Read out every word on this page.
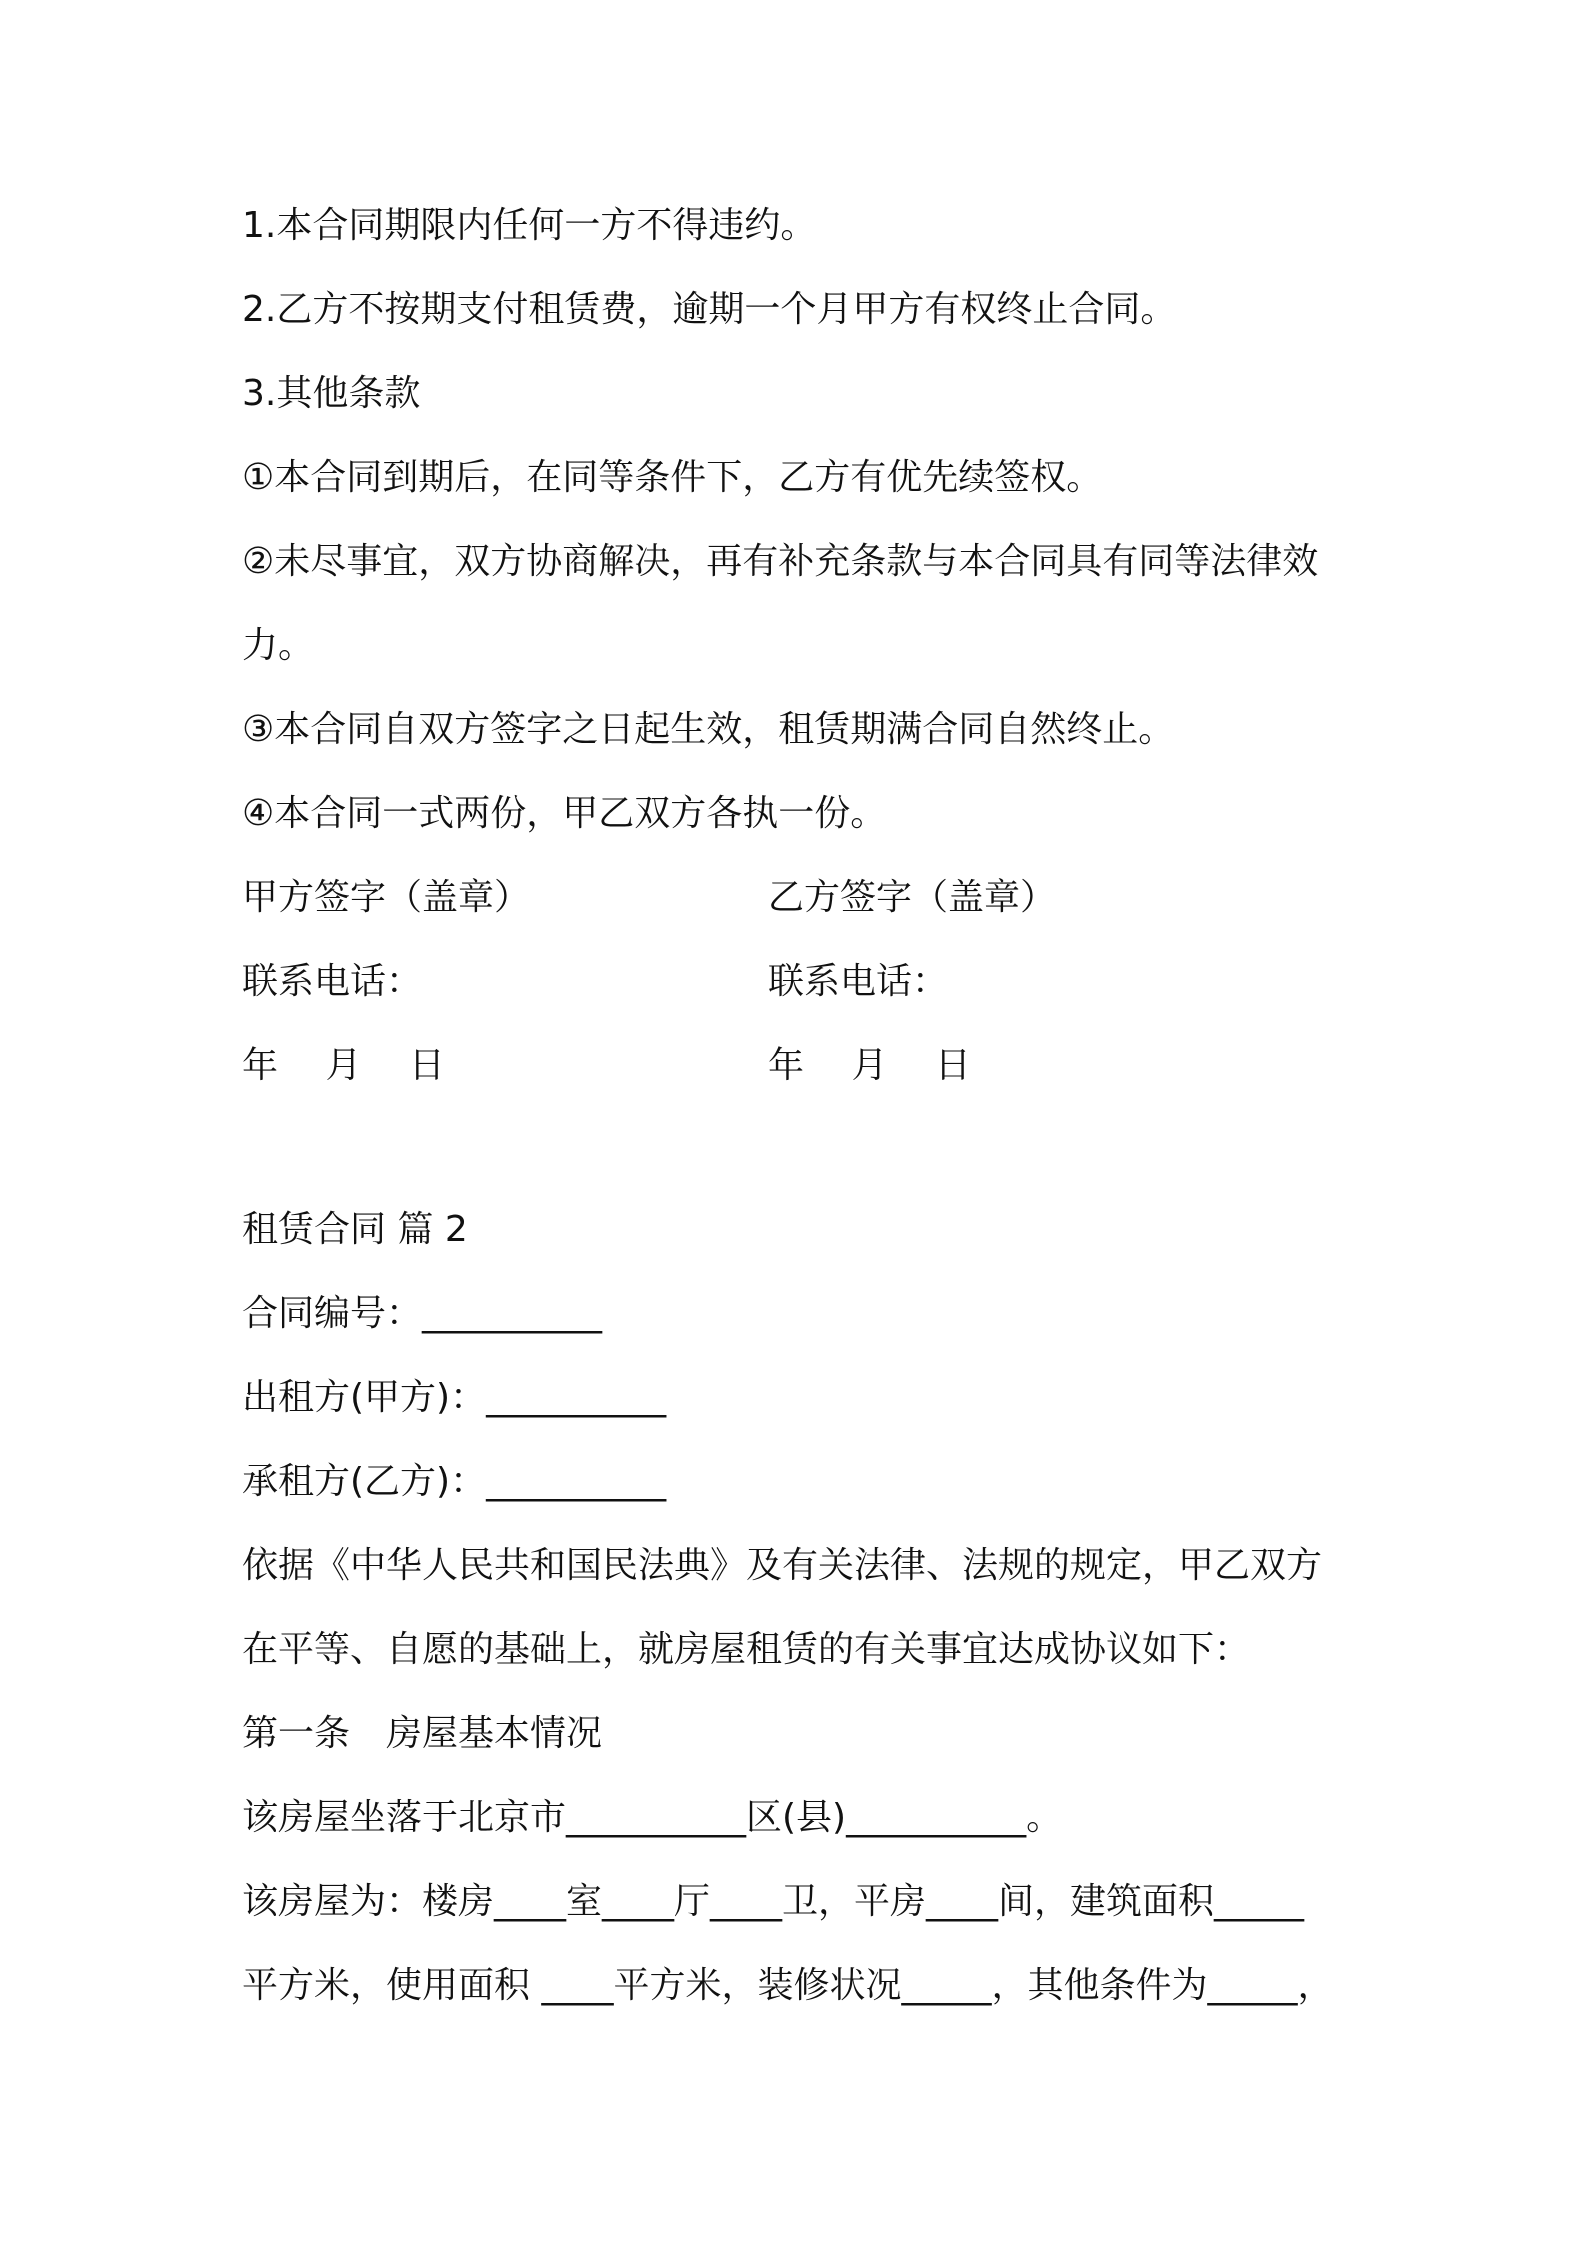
1.本合同期限内任何一方不得违约。
2.乙方不按期支付租赁费，逾期一个月甲方有权终止合同。
3.其他条款
①本合同到期后，在同等条件下，乙方有优先续签权。
②未尽事宜，双方协商解决，再有补充条款与本合同具有同等法律效
力。
③本合同自双方签字之日起生效，租赁期满合同自然终止。
④本合同一式两份，甲乙双方各执一份。
甲方签字（盖章）	乙方签字（盖章）
联系电话：	联系电话：
年　 月　 日	年　 月　 日
租赁合同 篇 2
合同编号：__________
出租方(甲方)：__________
承租方(乙方)：__________
依据《中华人民共和国民法典》及有关法律、法规的规定，甲乙双方
在平等、自愿的基础上，就房屋租赁的有关事宜达成协议如下：
第一条　房屋基本情况
该房屋坐落于北京市__________区(县)__________。
该房屋为：楼房____室____厅____卫，平房____间，建筑面积_____
平方米，使用面积 ____平方米，装修状况_____，其他条件为_____，
